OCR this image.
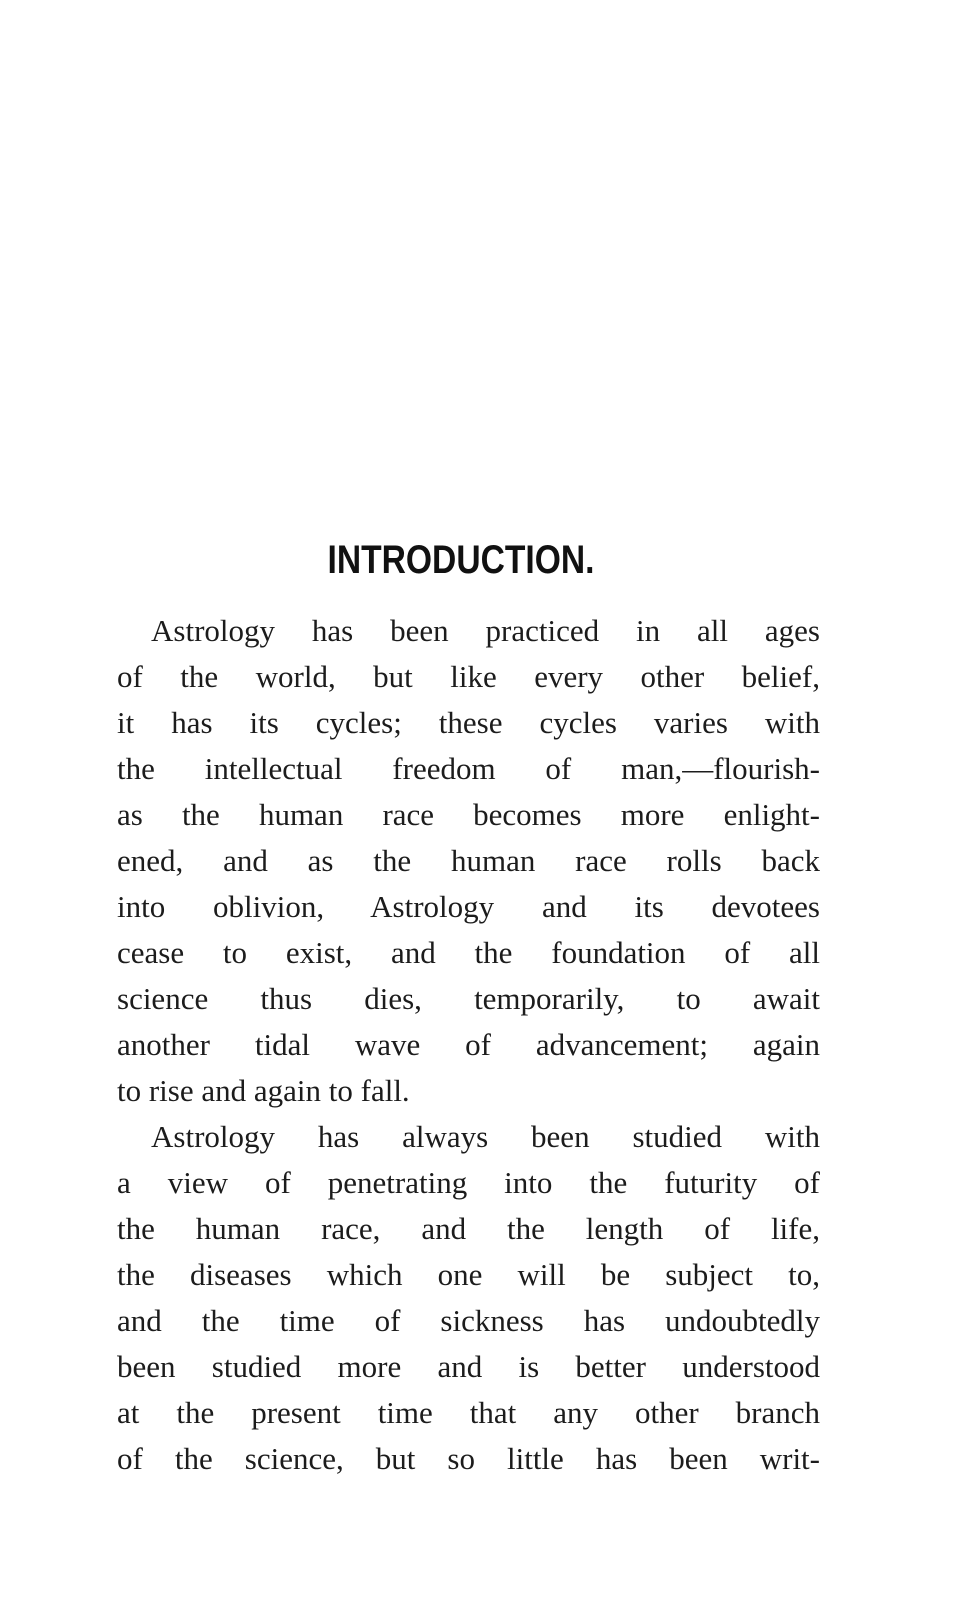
INTRODUCTION.
Astrology has been practiced in all ages
of the world, but like every other belief,
it has its cycles; these cycles varies with
the intellectual freedom of man,—flourish-
as the human race becomes more enlight-
ened, and as the human race rolls back
into oblivion, Astrology and its devotees
cease to exist, and the foundation of all
science thus dies, temporarily, to await
another tidal wave of advancement; again
to rise and again to fall.
Astrology has always been studied with
a view of penetrating into the futurity of
the human race, and the length of life,
the diseases which one will be subject to,
and the time of sickness has undoubtedly
been studied more and is better understood
at the present time that any other branch
of the science, but so little has been writ-
